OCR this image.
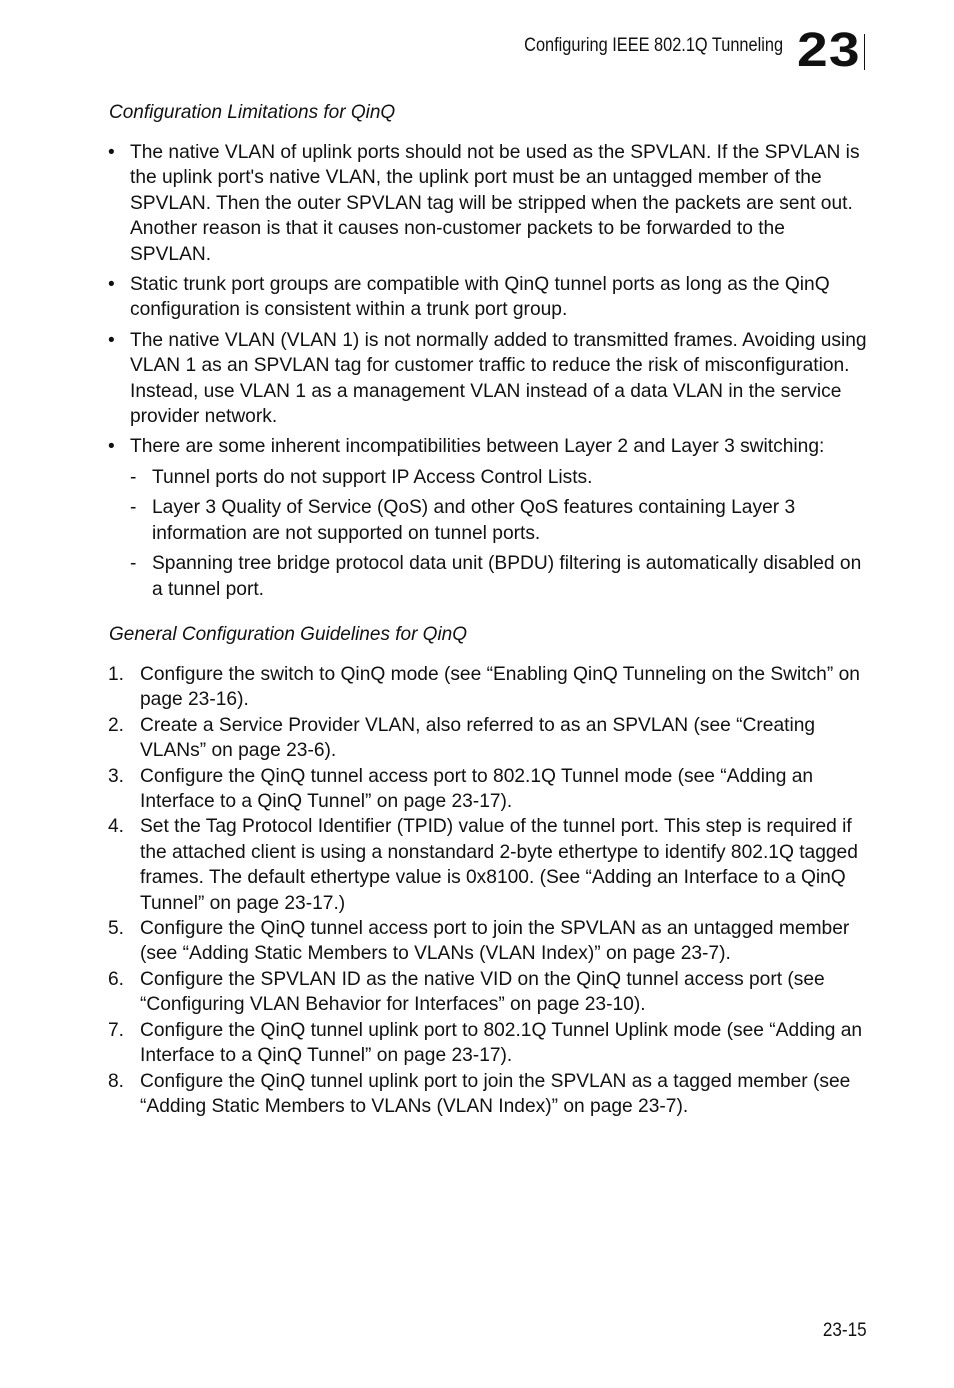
Configuring IEEE 802.1Q Tunneling 23
Configuration Limitations for QinQ
• The native VLAN of uplink ports should not be used as the SPVLAN. If the SPVLAN is the uplink port's native VLAN, the uplink port must be an untagged member of the SPVLAN. Then the outer SPVLAN tag will be stripped when the packets are sent out. Another reason is that it causes non-customer packets to be forwarded to the SPVLAN.
• Static trunk port groups are compatible with QinQ tunnel ports as long as the QinQ configuration is consistent within a trunk port group.
• The native VLAN (VLAN 1) is not normally added to transmitted frames. Avoiding using VLAN 1 as an SPVLAN tag for customer traffic to reduce the risk of misconfiguration. Instead, use VLAN 1 as a management VLAN instead of a data VLAN in the service provider network.
• There are some inherent incompatibilities between Layer 2 and Layer 3 switching:
- Tunnel ports do not support IP Access Control Lists.
- Layer 3 Quality of Service (QoS) and other QoS features containing Layer 3 information are not supported on tunnel ports.
- Spanning tree bridge protocol data unit (BPDU) filtering is automatically disabled on a tunnel port.
General Configuration Guidelines for QinQ
1. Configure the switch to QinQ mode (see “Enabling QinQ Tunneling on the Switch” on page 23-16).
2. Create a Service Provider VLAN, also referred to as an SPVLAN (see “Creating VLANs” on page 23-6).
3. Configure the QinQ tunnel access port to 802.1Q Tunnel mode (see “Adding an Interface to a QinQ Tunnel” on page 23-17).
4. Set the Tag Protocol Identifier (TPID) value of the tunnel port. This step is required if the attached client is using a nonstandard 2-byte ethertype to identify 802.1Q tagged frames. The default ethertype value is 0x8100. (See “Adding an Interface to a QinQ Tunnel” on page 23-17.)
5. Configure the QinQ tunnel access port to join the SPVLAN as an untagged member (see “Adding Static Members to VLANs (VLAN Index)” on page 23-7).
6. Configure the SPVLAN ID as the native VID on the QinQ tunnel access port (see “Configuring VLAN Behavior for Interfaces” on page 23-10).
7. Configure the QinQ tunnel uplink port to 802.1Q Tunnel Uplink mode (see “Adding an Interface to a QinQ Tunnel” on page 23-17).
8. Configure the QinQ tunnel uplink port to join the SPVLAN as a tagged member (see “Adding Static Members to VLANs (VLAN Index)” on page 23-7).
23-15
